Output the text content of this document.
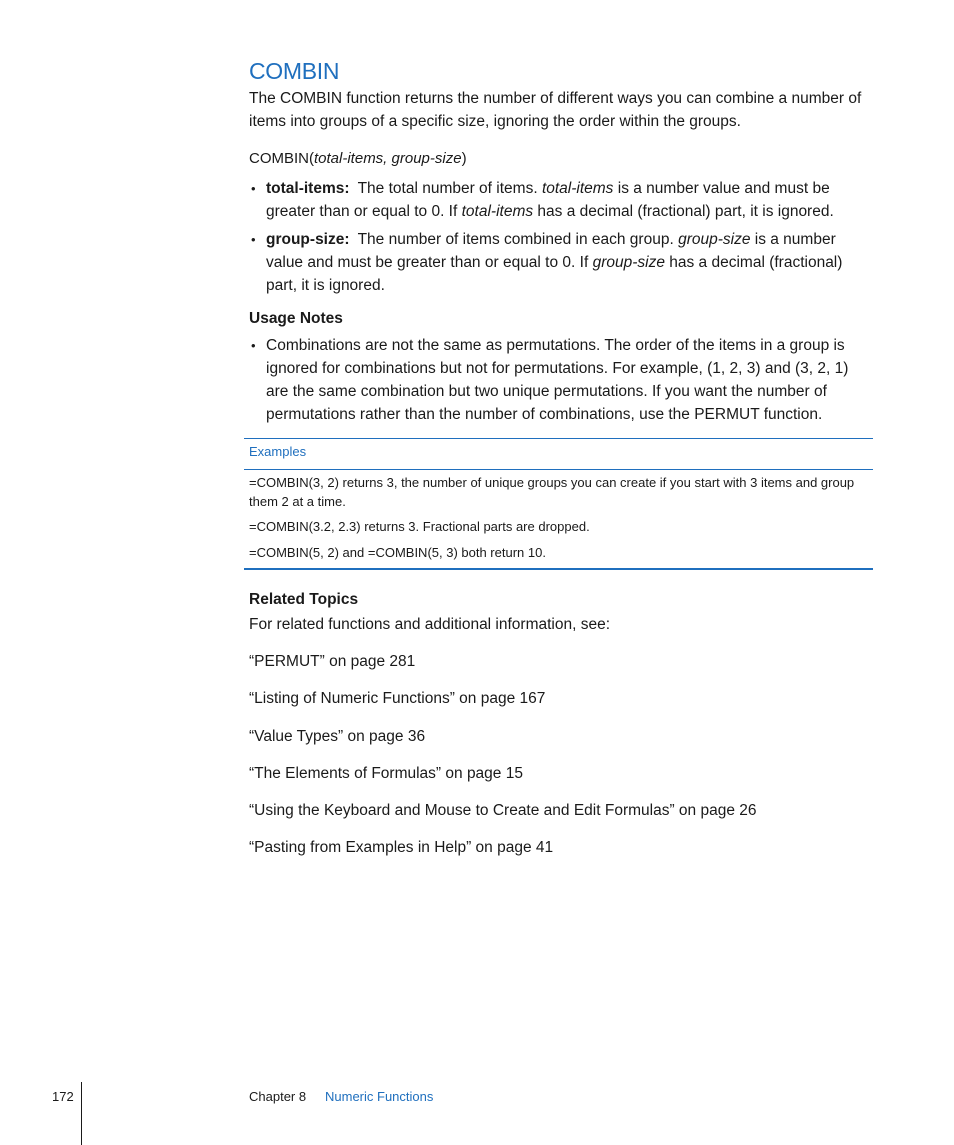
COMBIN
The COMBIN function returns the number of different ways you can combine a number of items into groups of a specific size, ignoring the order within the groups.
COMBIN(total-items, group-size)
• total-items: The total number of items. total-items is a number value and must be greater than or equal to 0. If total-items has a decimal (fractional) part, it is ignored.
• group-size: The number of items combined in each group. group-size is a number value and must be greater than or equal to 0. If group-size has a decimal (fractional) part, it is ignored.
Usage Notes
• Combinations are not the same as permutations. The order of the items in a group is ignored for combinations but not for permutations. For example, (1, 2, 3) and (3, 2, 1) are the same combination but two unique permutations. If you want the number of permutations rather than the number of combinations, use the PERMUT function.
Examples
=COMBIN(3, 2) returns 3, the number of unique groups you can create if you start with 3 items and group them 2 at a time.
=COMBIN(3.2, 2.3) returns 3. Fractional parts are dropped.
=COMBIN(5, 2) and =COMBIN(5, 3) both return 10.
Related Topics
For related functions and additional information, see:
“PERMUT” on page 281
“Listing of Numeric Functions” on page 167
“Value Types” on page 36
“The Elements of Formulas” on page 15
“Using the Keyboard and Mouse to Create and Edit Formulas” on page 26
“Pasting from Examples in Help” on page 41
172	Chapter 8 Numeric Functions
